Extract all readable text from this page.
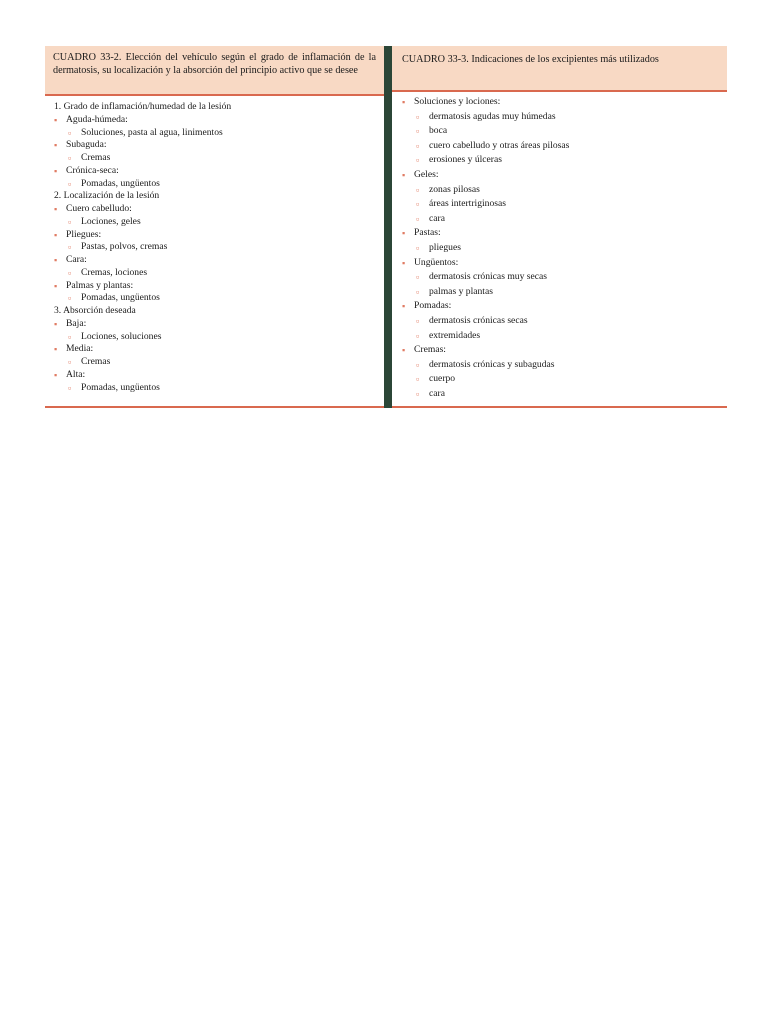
CUADRO 33-2. Elección del vehículo según el grado de inflamación de la dermatosis, su localización y la absorción del principio activo que se desee
1. Grado de inflamación/humedad de la lesión
▪ Aguda-húmeda:
▫ Soluciones, pasta al agua, linimentos
▪ Subaguda:
▫ Cremas
▪ Crónica-seca:
▫ Pomadas, ungüentos
2. Localización de la lesión
▪ Cuero cabelludo:
▫ Lociones, geles
▪ Pliegues:
▫ Pastas, polvos, cremas
▪ Cara:
▫ Cremas, lociones
▪ Palmas y plantas:
▫ Pomadas, ungüentos
3. Absorción deseada
▪ Baja:
▫ Lociones, soluciones
▪ Media:
▫ Cremas
▪ Alta:
▫ Pomadas, ungüentos
CUADRO 33-3. Indicaciones de los excipientes más utilizados
▪ Soluciones y lociones:
▫ dermatosis agudas muy húmedas
▫ boca
▫ cuero cabelludo y otras áreas pilosas
▫ erosiones y úlceras
▪ Geles:
▫ zonas pilosas
▫ áreas intertriginosas
▫ cara
▪ Pastas:
▫ pliegues
▪ Ungüentos:
▫ dermatosis crónicas muy secas
▫ palmas y plantas
▪ Pomadas:
▫ dermatosis crónicas secas
▫ extremidades
▪ Cremas:
▫ dermatosis crónicas y subagudas
▫ cuerpo
▫ cara
